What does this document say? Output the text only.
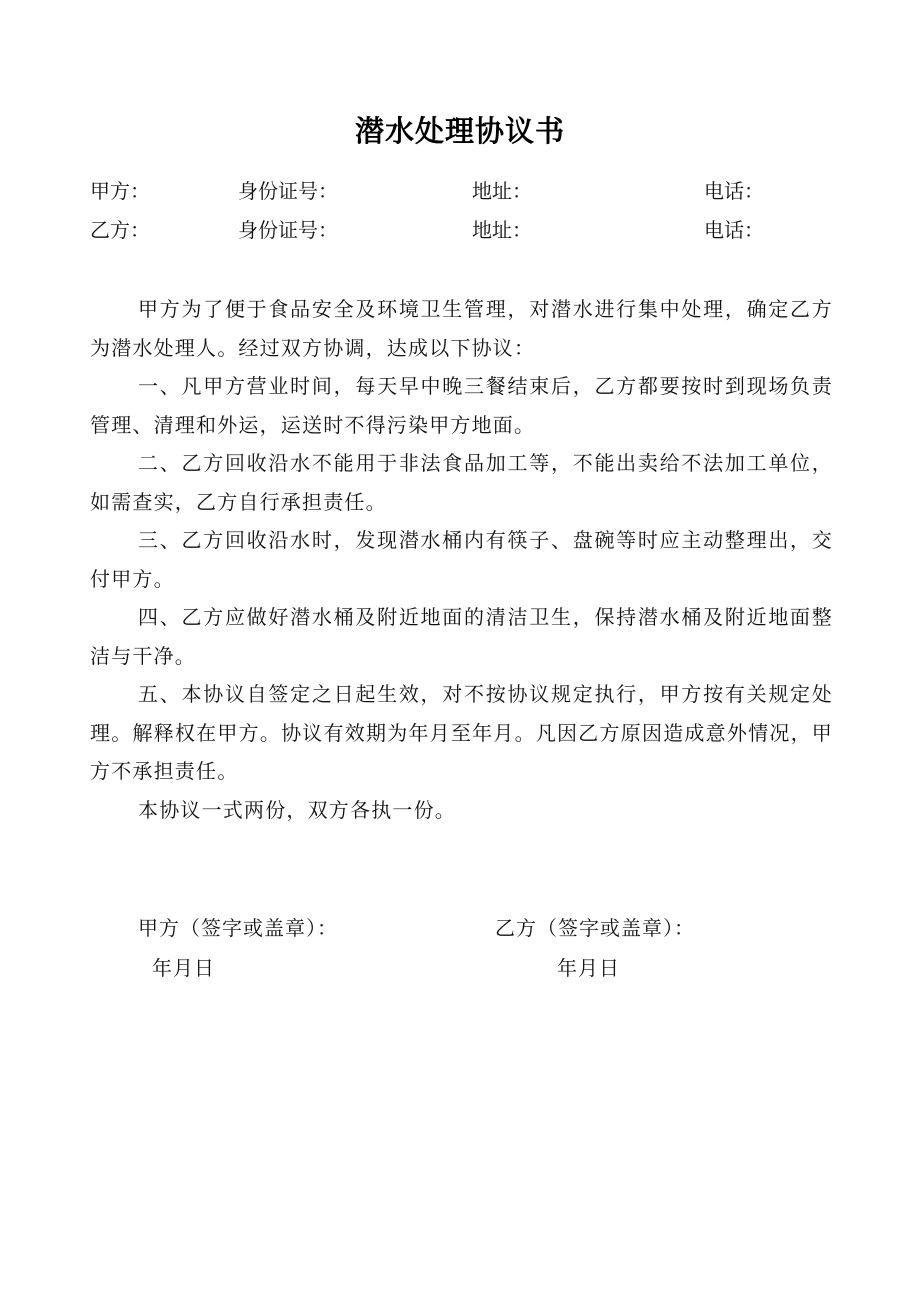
潜水处理协议书
甲方：	身份证号：	地址：	电话：
乙方：	身份证号：	地址：	电话：

甲方为了便于食品安全及环境卫生管理，对潜水进行集中处理，确定乙方为潜水处理人。经过双方协调，达成以下协议：

一、凡甲方营业时间，每天早中晚三餐结束后，乙方都要按时到现场负责管理、清理和外运，运送时不得污染甲方地面。

二、乙方回收沿水不能用于非法食品加工等，不能出卖给不法加工单位，如需查实，乙方自行承担责任。

三、乙方回收沿水时，发现潜水桶内有筷子、盘碗等时应主动整理出，交付甲方。

四、乙方应做好潜水桶及附近地面的清洁卫生，保持潜水桶及附近地面整洁与干净。

五、本协议自签定之日起生效，对不按协议规定执行，甲方按有关规定处理。解释权在甲方。协议有效期为年月至年月。凡因乙方原因造成意外情况，甲方不承担责任。

本协议一式两份，双方各执一份。

甲方（签字或盖章）：
年月日
乙方（签字或盖章）：
年月日
